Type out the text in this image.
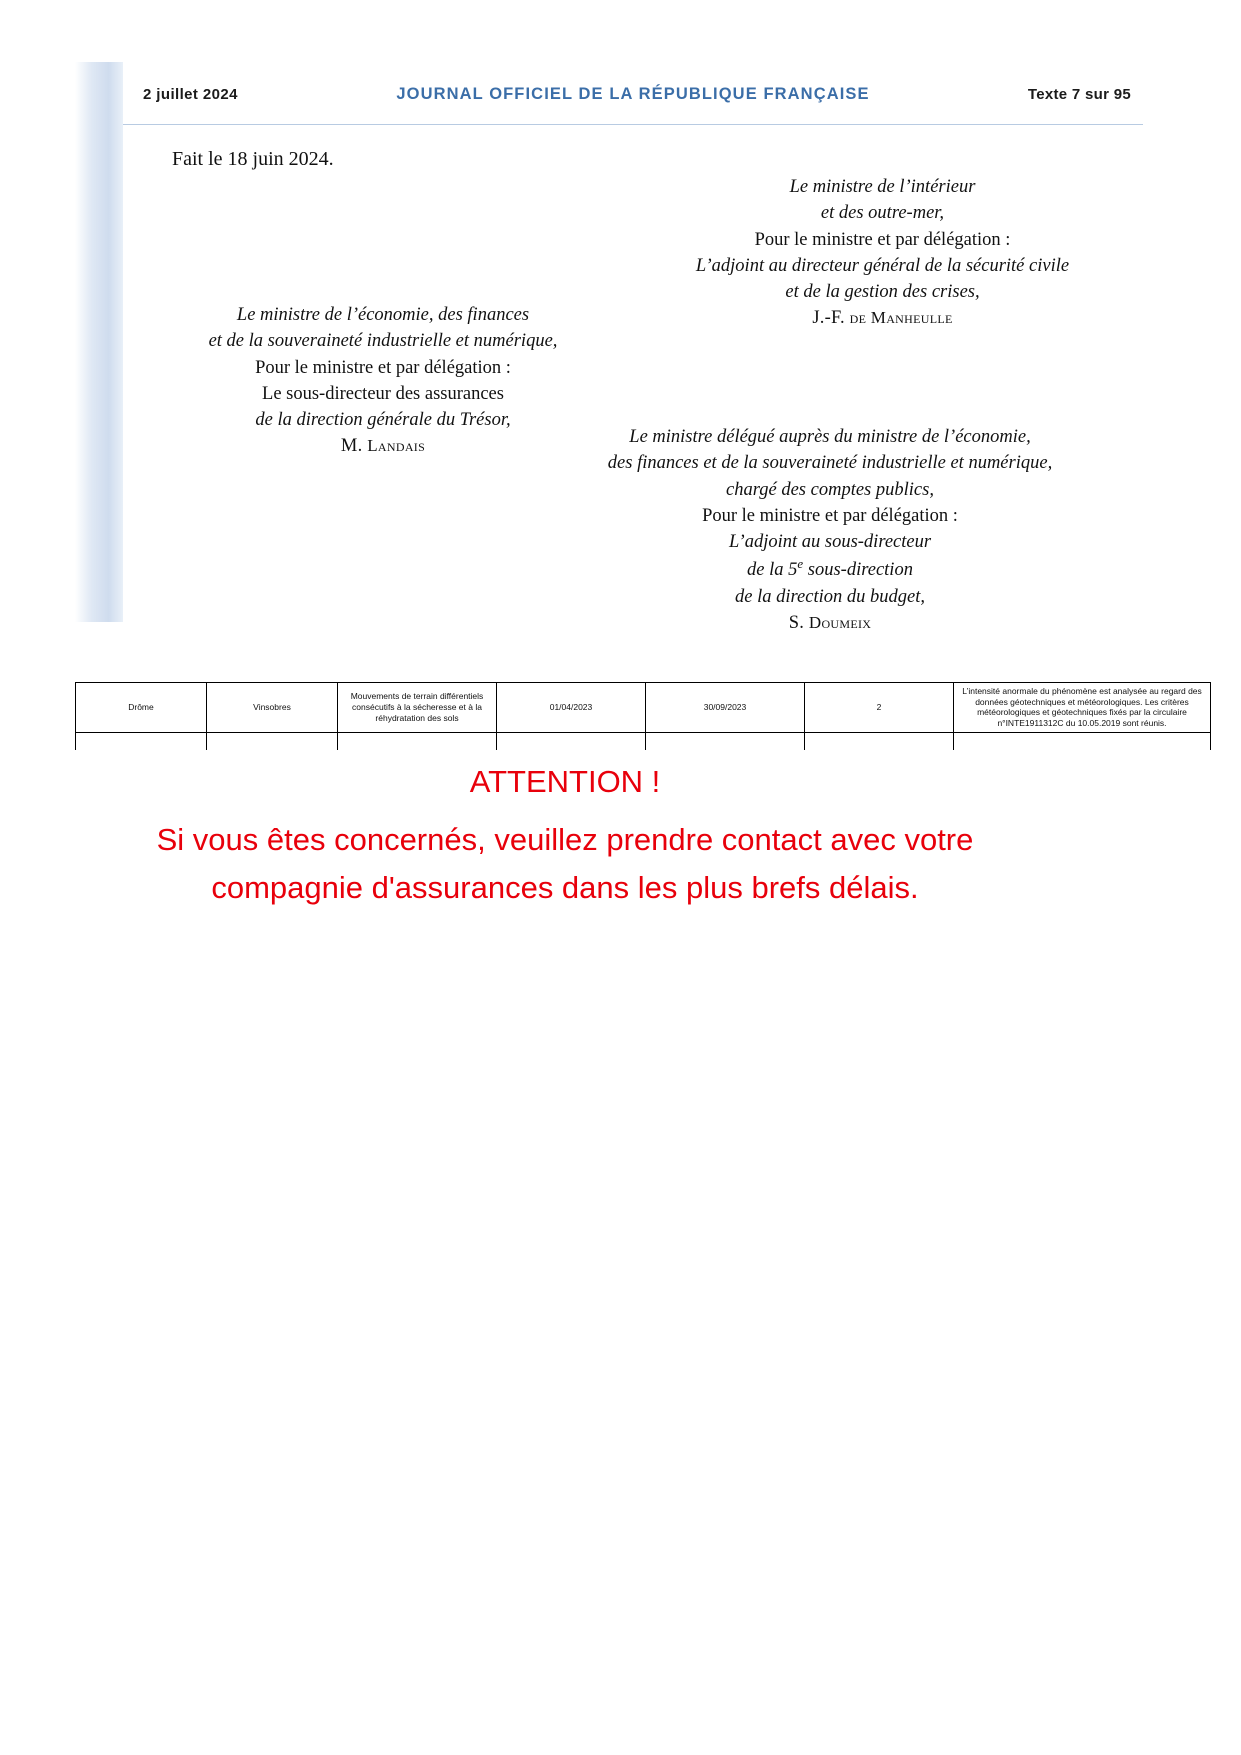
2 juillet 2024	JOURNAL OFFICIEL DE LA RÉPUBLIQUE FRANÇAISE	Texte 7 sur 95
Fait le 18 juin 2024.
Le ministre de l’intérieur
et des outre-mer,
Pour le ministre et par délégation :
L’adjoint au directeur général de la sécurité civile
et de la gestion des crises,
J.-F. de Manheulle
Le ministre de l’économie, des finances
et de la souveraineté industrielle et numérique,
Pour le ministre et par délégation :
Le sous-directeur des assurances
de la direction générale du Trésor,
M. Landais	Le ministre délégué auprès du ministre de l’économie,
des finances et de la souveraineté industrielle et numérique,
chargé des comptes publics,
Pour le ministre et par délégation :
L’adjoint au sous-directeur
de la 5e sous-direction
de la direction du budget,
S. Doumeix
Drôme	Vinsobres	Mouvements de terrain différentiels consécutifs à la sécheresse et à la réhydratation des sols	01/04/2023	30/09/2023	2	L’intensité anormale du phénomène est analysée au regard des données géotechniques et météorologiques. Les critères météorologiques et géotechniques fixés par la circulaire n°INTE1911312C du 10.05.2019 sont réunis.

ATTENTION !
Si vous êtes concernés, veuillez prendre contact avec votre
compagnie d'assurances dans les plus brefs délais.
